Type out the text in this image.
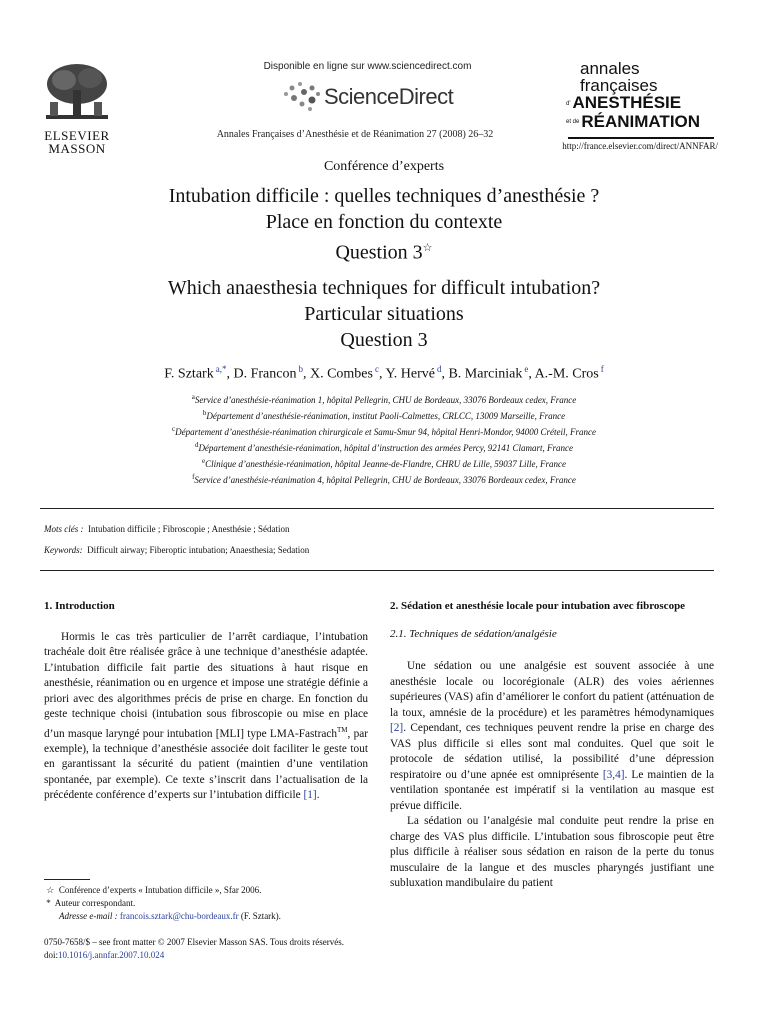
ELSEVIER
MASSON
Disponible en ligne sur www.sciencedirect.com
ScienceDirect
Annales Françaises d’Anesthésie et de Réanimation 27 (2008) 26–32
annales
françaises
d' ANESTHÉSIE
et de RÉANIMATION
http://france.elsevier.com/direct/ANNFAR/
Conférence d’experts
Intubation difficile : quelles techniques d’anesthésie ?
Place en fonction du contexte
Question 3☆
Which anaesthesia techniques for difficult intubation?
Particular situations
Question 3
F. Sztark $^{a,*}$, D. Francon $^b$, X. Combes $^c$, Y. Hervé $^d$, B. Marciniak $^e$, A.-M. Cros $^f$
$^a$Service d’anesthésie-réanimation 1, hôpital Pellegrin, CHU de Bordeaux, 33076 Bordeaux cedex, France
$^b$Département d’anesthésie-réanimation, institut Paoli-Calmettes, CRLCC, 13009 Marseille, France
$^c$Département d’anesthésie-réanimation chirurgicale et Samu-Smur 94, hôpital Henri-Mondor, 94000 Créteil, France
$^d$Département d’anesthésie-réanimation, hôpital d’instruction des armées Percy, 92141 Clamart, France
$^e$Clinique d’anesthésie-réanimation, hôpital Jeanne-de-Flandre, CHRU de Lille, 59037 Lille, France
$^f$Service d’anesthésie-réanimation 4, hôpital Pellegrin, CHU de Bordeaux, 33076 Bordeaux cedex, France
Mots clés : Intubation difficile ; Fibroscopie ; Anesthésie ; Sédation
Keywords: Difficult airway; Fiberoptic intubation; Anaesthesia; Sedation
1. Introduction

Hormis le cas très particulier de l’arrêt cardiaque, l’intubation trachéale doit être réalisée grâce à une technique d’anesthésie adaptée. L’intubation difficile fait partie des situations à haut risque en anesthésie, réanimation ou en urgence et impose une stratégie définie a priori avec des algorithmes précis de prise en charge. En fonction du geste technique choisi (intubation sous fibroscopie ou mise en place d’un masque laryngé pour intubation [MLI] type LMA-Fastrach™, par exemple), la technique d’anesthésie associée doit faciliter le geste tout en garantissant la sécurité du patient (maintien d’une ventilation spontanée, par exemple). Ce texte s’inscrit dans l’actualisation de la précédente conférence d’experts sur l’intubation difficile [1].

2. Sédation et anesthésie locale pour intubation avec fibroscope
2.1. Techniques de sédation/analgésie

Une sédation ou une analgésie est souvent associée à une anesthésie locale ou locorégionale (ALR) des voies aériennes supérieures (VAS) afin d’améliorer le confort du patient (atténuation de la toux, amnésie de la procédure) et les paramètres hémodynamiques [2]. Cependant, ces techniques peuvent rendre la prise en charge des VAS plus difficile si elles sont mal conduites. Quel que soit le protocole de sédation utilisé, la possibilité d’une dépression respiratoire ou d’une apnée est omniprésente [3,4]. Le maintien de la ventilation spontanée est impératif si la ventilation au masque est prévue difficile.

La sédation ou l’analgésie mal conduite peut rendre la prise en charge des VAS plus difficile. L’intubation sous fibroscopie peut être plus difficile à réaliser sous sédation en raison de la perte du tonus musculaire de la langue et des muscles pharyngés justifiant une subluxation mandibulaire du patient

☆ Conférence d’experts « Intubation difficile », Sfar 2006.
* Auteur correspondant.
Adresse e-mail : francois.sztark@chu-bordeaux.fr (F. Sztark).
0750-7658/$ – see front matter © 2007 Elsevier Masson SAS. Tous droits réservés.
doi:10.1016/j.annfar.2007.10.024
